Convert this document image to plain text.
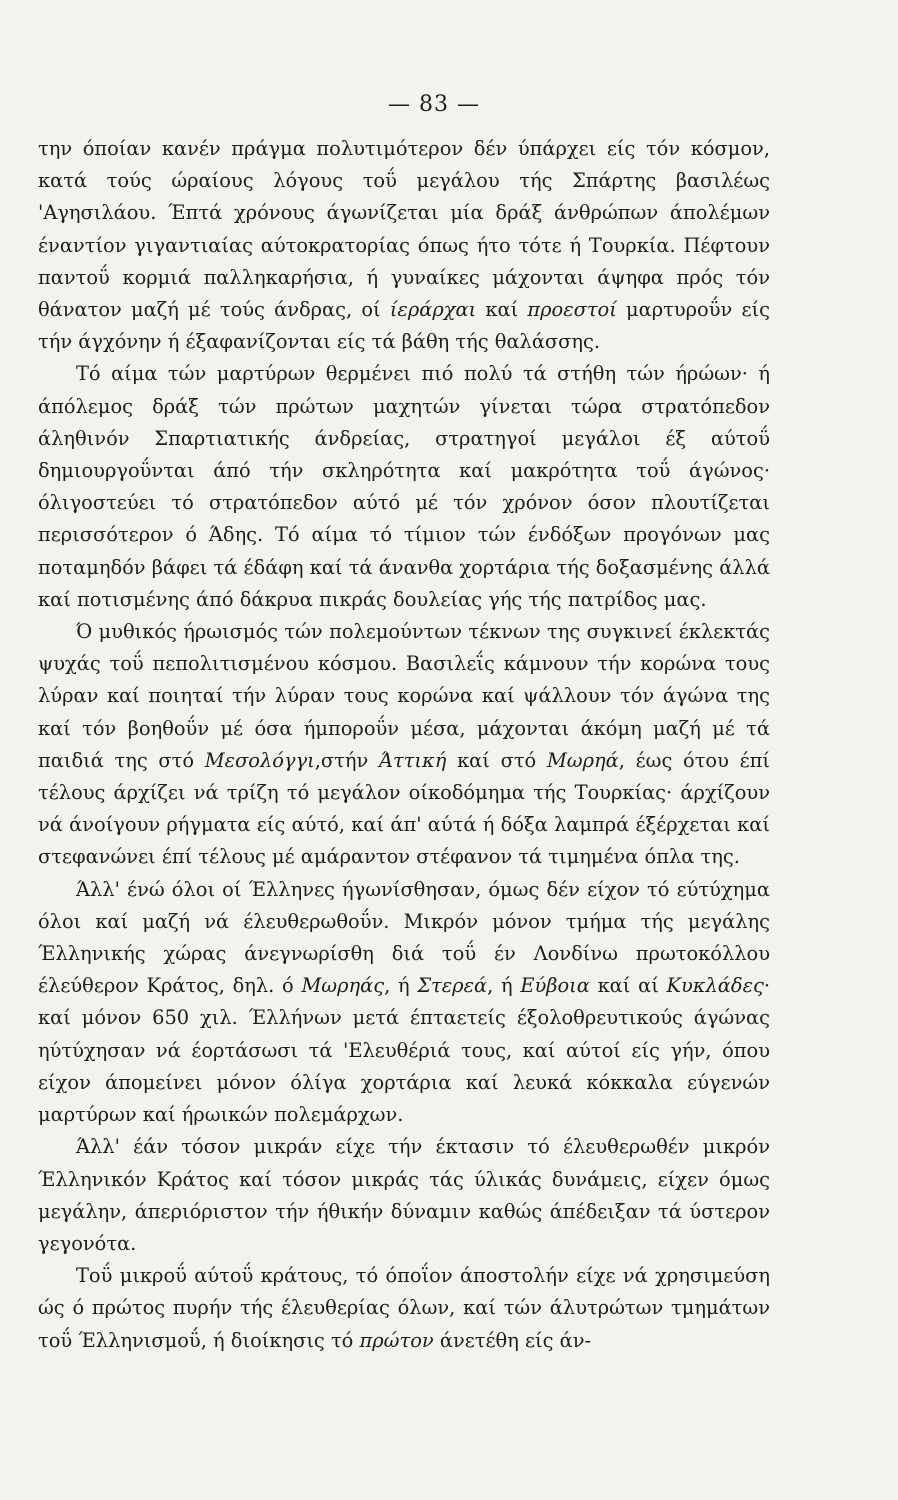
— 83 —

την όποίαν κανέν πράγμα πολυτιμότερον δέν ύπάρχει είς τόν κόσμον, κατά τούς ώραίους λόγους τοΰ μεγάλου τής Σπάρτης βασιλέως 'Αγησιλάου. Έπτά χρόνους άγωνίζεται μία δράξ άνθρώπων άπολέμων έναντίον γιγαντιαίας αύτοκρατορίας όπως ήτο τότε ή Τουρκία. Πέφτουν παντοΰ κορμιά παλληκαρήσια, ή γυναίκες μάχονται άψηφα πρός τόν θάνατον μαζή μέ τούς άνδρας, οί ίεράρχαι καί προεστοί μαρτυροΰν είς τήν άγχόνην ή έξαφανίζονται είς τά βάθη τής θαλάσσης.

Τό αίμα τών μαρτύρων θερμένει πιό πολύ τά στήθη τών ήρώων· ή άπόλεμος δράξ τών πρώτων μαχητών γίνεται τώρα στρατόπεδον άληθινόν Σπαρτιατικής άνδρείας, στρατηγοί μεγάλοι έξ αύτοΰ δημιουργοΰνται άπό τήν σκληρότητα καί μακρότητα τοΰ άγώνος· όλιγοστεύει τό στρατόπεδον αύτό μέ τόν χρόνον όσον πλουτίζεται περισσότερον ό Άδης. Τό αίμα τό τίμιον τών ένδόξων προγόνων μας ποταμηδόν βάφει τά έδάφη καί τά άνανθα χορτάρια τής δοξασμένης άλλά καί ποτισμένης άπό δάκρυα πικράς δουλείας γής τής πατρίδος μας.

Ό μυθικός ήρωισμός τών πολεμούντων τέκνων της συγκινεί έκλεκτάς ψυχάς τοΰ πεπολιτισμένου κόσμου. Βασιλεΐς κάμνουν τήν κορώνα τους λύραν καί ποιηταί τήν λύραν τους κορώνα καί ψάλλουν τόν άγώνα της καί τόν βοηθοΰν μέ όσα ήμποροΰν μέσα, μάχονται άκόμη μαζή μέ τά παιδιά της στό Μεσολόγγι,στήν Άττική καί στό Μωρηά, έως ότου έπί τέλους άρχίζει νά τρίζη τό μεγάλον οίκοδόμημα τής Τουρκίας· άρχίζουν νά άνοίγουν ρήγματα είς αύτό, καί άπ' αύτά ή δόξα λαμπρά έξέρχεται καί στεφανώνει έπί τέλους μέ αμάραντον στέφανον τά τιμημένα όπλα της.

Άλλ' ένώ όλοι οί Έλληνες ήγωνίσθησαν, όμως δέν είχον τό εύτύχημα όλοι καί μαζή νά έλευθερωθοΰν. Μικρόν μόνον τμήμα τής μεγάλης Έλληνικής χώρας άνεγνωρίσθη διά τοΰ έν Λονδίνω πρωτοκόλλου έλεύθερον Κράτος, δηλ. ό Μωρηάς, ή Στερεά, ή Εύβοια καί αί Κυκλάδες· καί μόνον 650 χιλ. Έλλήνων μετά έπταετείς έξολοθρευτικούς άγώνας ηύτύχησαν νά έορτάσωσι τά 'Ελευθέριά τους, καί αύτοί είς γήν, όπου είχον άπομείνει μόνον όλίγα χορτάρια καί λευκά κόκκαλα εύγενών μαρτύρων καί ήρωικών πολεμάρχων.

Άλλ' έάν τόσον μικράν είχε τήν έκτασιν τό έλευθερωθέν μικρόν Έλληνικόν Κράτος καί τόσον μικράς τάς ύλικάς δυνάμεις, είχεν όμως μεγάλην, άπεριόριστον τήν ήθικήν δύναμιν καθώς άπέδειξαν τά ύστερον γεγονότα.

Τοΰ μικροΰ αύτοΰ κράτους, τό όποΐον άποστολήν είχε νά χρησιμεύση ώς ό πρώτος πυρήν τής έλευθερίας όλων, καί τών άλυτρώτων τμημάτων τοΰ Έλληνισμοΰ, ή διοίκησις τό πρώτον άνετέθη είς άν-
